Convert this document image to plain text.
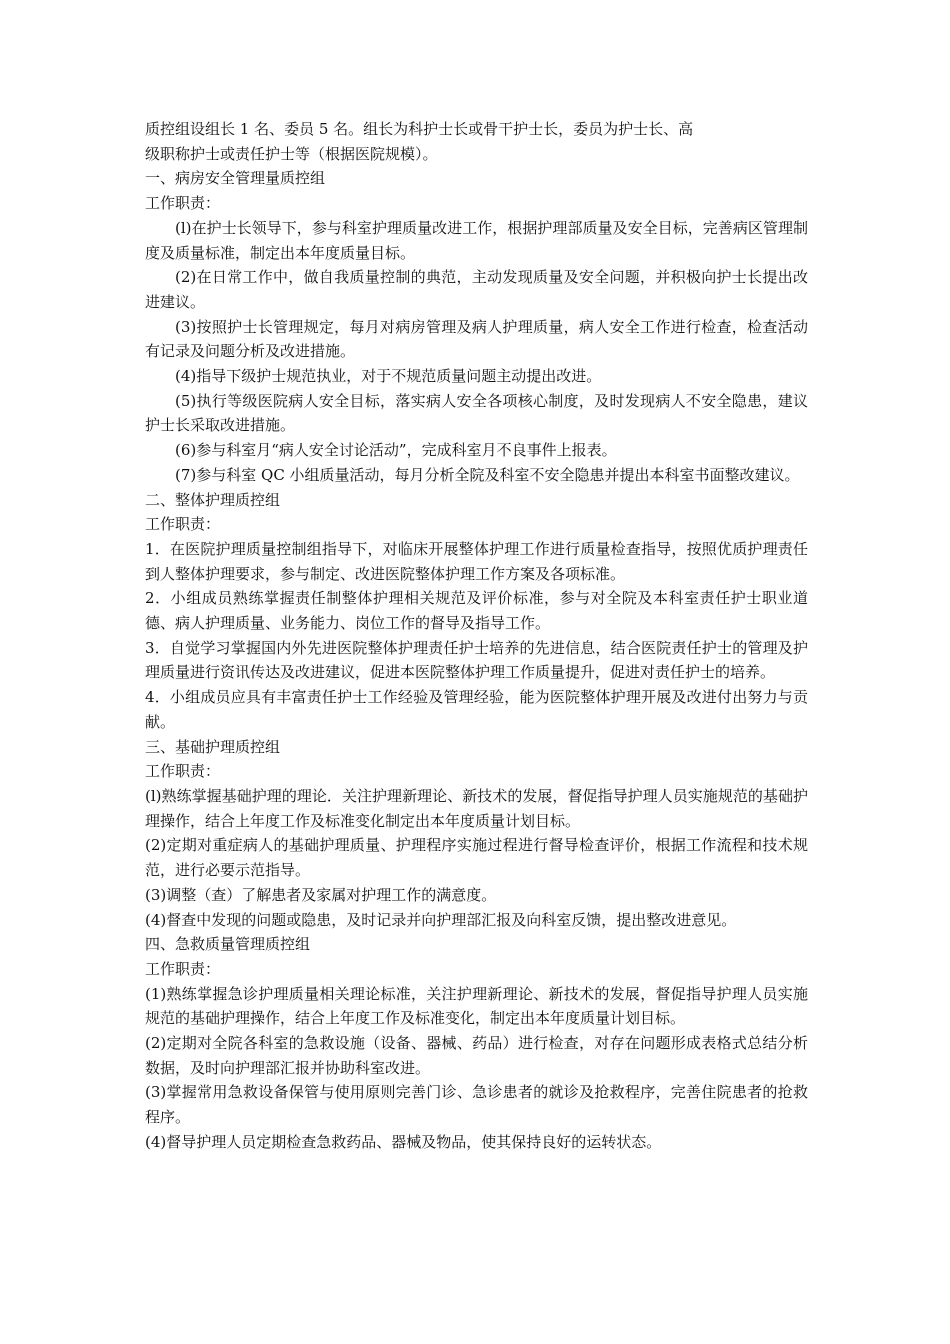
质控组设组长 1 名、委员 5 名。组长为科护士长或骨干护士长，委员为护士长、高

级职称护士或责任护士等（根据医院规模）。

一、病房安全管理量质控组

工作职责：

(l)在护士长领导下，参与科室护理质量改进工作，根据护理部质量及安全目标，完善病区管理制度及质量标准，制定出本年度质量目标。

(2)在日常工作中，做自我质量控制的典范，主动发现质量及安全问题，并积极向护士长提出改进建议。

(3)按照护士长管理规定，每月对病房管理及病人护理质量，病人安全工作进行检查，检查活动有记录及问题分析及改进措施。

(4)指导下级护士规范执业，对于不规范质量问题主动提出改进。

(5)执行等级医院病人安全目标，落实病人安全各项核心制度，及时发现病人不安全隐患，建议护士长采取改进措施。

(6)参与科室月“病人安全讨论活动”，完成科室月不良事件上报表。

(7)参与科室 QC 小组质量活动，每月分析全院及科室不安全隐患并提出本科室书面整改建议。

二、整体护理质控组

工作职责：

1．在医院护理质量控制组指导下，对临床开展整体护理工作进行质量检查指导，按照优质护理责任到人整体护理要求，参与制定、改进医院整体护理工作方案及各项标准。

2．小组成员熟练掌握责任制整体护理相关规范及评价标准，参与对全院及本科室责任护士职业道德、病人护理质量、业务能力、岗位工作的督导及指导工作。

3．自觉学习掌握国内外先进医院整体护理责任护士培养的先进信息，结合医院责任护士的管理及护理质量进行资讯传达及改进建议，促进本医院整体护理工作质量提升，促进对责任护士的培养。

4．小组成员应具有丰富责任护士工作经验及管理经验，能为医院整体护理开展及改进付出努力与贡献。

三、基础护理质控组

工作职责：

(l)熟练掌握基础护理的理论．关注护理新理论、新技术的发展，督促指导护理人员实施规范的基础护理操作，结合上年度工作及标准变化制定出本年度质量计划目标。

(2)定期对重症病人的基础护理质量、护理程序实施过程进行督导检查评价，根据工作流程和技术规范，进行必要示范指导。

(3)调整（查）了解患者及家属对护理工作的满意度。

(4)督查中发现的问题或隐患，及时记录并向护理部汇报及向科室反馈，提出整改进意见。

四、急救质量管理质控组

工作职责：

(1)熟练掌握急诊护理质量相关理论标准，关注护理新理论、新技术的发展，督促指导护理人员实施规范的基础护理操作，结合上年度工作及标准变化，制定出本年度质量计划目标。

(2)定期对全院各科室的急救设施（设备、器械、药品）进行检查，对存在问题形成表格式总结分析数据，及时向护理部汇报并协助科室改进。

(3)掌握常用急救设备保管与使用原则完善门诊、急诊患者的就诊及抢救程序，完善住院患者的抢救程序。

(4)督导护理人员定期检查急救药品、器械及物品，使其保持良好的运转状态。
